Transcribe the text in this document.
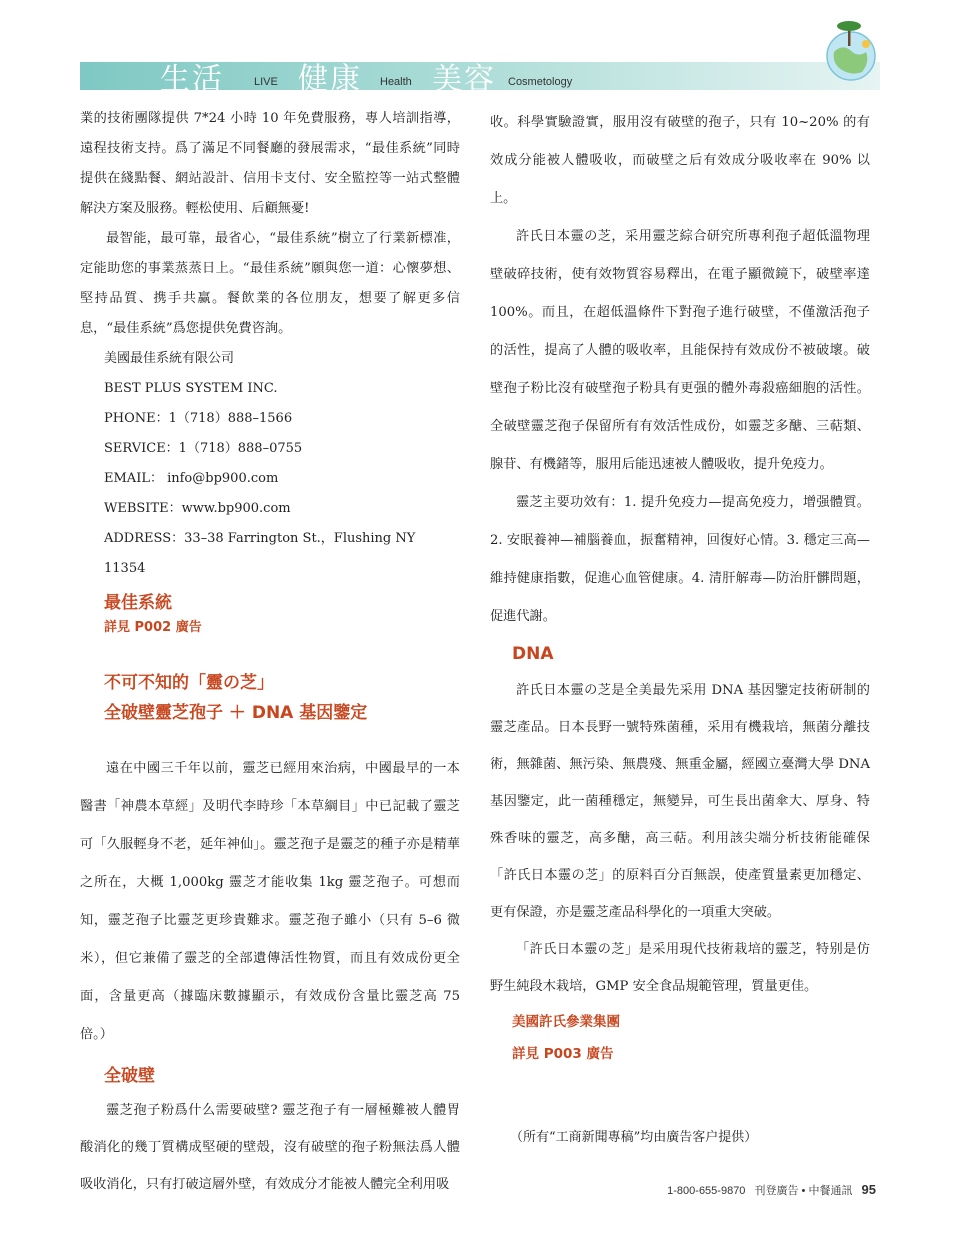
生活	LIVE 健康 Health 美容 Cosmetology

業的技術團隊提供 7*24 小時 10 年免費服務，專人培訓指導，遠程技術支持。爲了滿足不同餐廳的發展需求，“最佳系統”同時提供在綫點餐、網站設計、信用卡支付、安全監控等一站式整體解決方案及服務。輕松使用、后顧無憂!

最智能，最可靠，最省心，“最佳系統”樹立了行業新標准，定能助您的事業蒸蒸日上。“最佳系統”願與您一道：心懷夢想、堅持品質、携手共赢。餐飲業的各位朋友，想要了解更多信息，“最佳系統”爲您提供免費咨詢。

美國最佳系統有限公司

BEST PLUS SYSTEM INC.

PHONE：1（718）888–1566

SERVICE：1（718）888–0755

EMAIL： info@bp900.com

WEBSITE：www.bp900.com

ADDRESS：33–38 Farrington St.，Flushing NY 11354

最佳系統

詳見 P002 廣告

不可不知的「靈の芝」

全破壁靈芝孢子 ＋ DNA 基因鑒定

遠在中國三千年以前，靈芝已經用來治病，中國最早的一本醫書「神農本草經」及明代李時珍「本草綱目」中已記載了靈芝可「久服輕身不老，延年神仙」。靈芝孢子是靈芝的種子亦是精華之所在，大概 1,000kg 靈芝才能收集 1kg 靈芝孢子。可想而知，靈芝孢子比靈芝更珍貴難求。靈芝孢子雖小（只有 5–6 微米），但它兼備了靈芝的全部遺傳活性物質，而且有效成份更全面，含量更高（據臨床數據顯示，有效成份含量比靈芝高 75 倍。）

全破壁

靈芝孢子粉爲什么需要破壁? 靈芝孢子有一層極難被人體胃酸消化的幾丁質構成堅硬的壁殻，沒有破壁的孢子粉無法爲人體吸收消化，只有打破這層外壁，有效成分才能被人體完全利用吸

收。科學實驗證實，服用沒有破壁的孢子，只有 10~20% 的有效成分能被人體吸收，而破壁之后有效成分吸收率在 90% 以上。

許氏日本靈の芝，采用靈芝綜合研究所專利孢子超低溫物理壁破碎技術，使有效物質容易釋出，在電子顯微鏡下，破壁率達 100%。而且，在超低溫條件下對孢子進行破壁，不僅激活孢子的活性，提高了人體的吸收率，且能保持有效成份不被破壞。破壁孢子粉比沒有破壁孢子粉具有更强的體外毒殺癌細胞的活性。全破壁靈芝孢子保留所有有效活性成份，如靈芝多醣、三萜類、腺苷、有機鍺等，服用后能迅速被人體吸收，提升免疫力。

靈芝主要功效有：1. 提升免疫力—提高免疫力，增强體質。2. 安眠養神—補腦養血，振奮精神，回復好心情。3. 穩定三高—維持健康指數，促進心血管健康。4. 清肝解毒—防治肝髒問題，促進代謝。

DNA

許氏日本靈の芝是全美最先采用 DNA 基因鑒定技術研制的靈芝產品。日本長野一號特殊菌種，采用有機栽培，無菌分離技術，無雜菌、無污染、無農殘、無重金屬，經國立臺灣大學 DNA 基因鑒定，此一菌種穩定，無變异，可生長出菌傘大、厚身、特殊香味的靈芝，高多醣，高三萜。利用該尖端分析技術能確保「許氏日本靈の芝」的原料百分百無誤，使產質量素更加穩定、更有保證，亦是靈芝產品科學化的一項重大突破。

「許氏日本靈の芝」是采用現代技術栽培的靈芝，特别是仿野生純段木栽培，GMP 安全食品規範管理，質量更佳。

美國許氏參業集團

詳見 P003 廣告

（所有“工商新聞專稿”均由廣告客户提供）
1-800-655-9870 刊登廣告 • 中餐通訊 95
